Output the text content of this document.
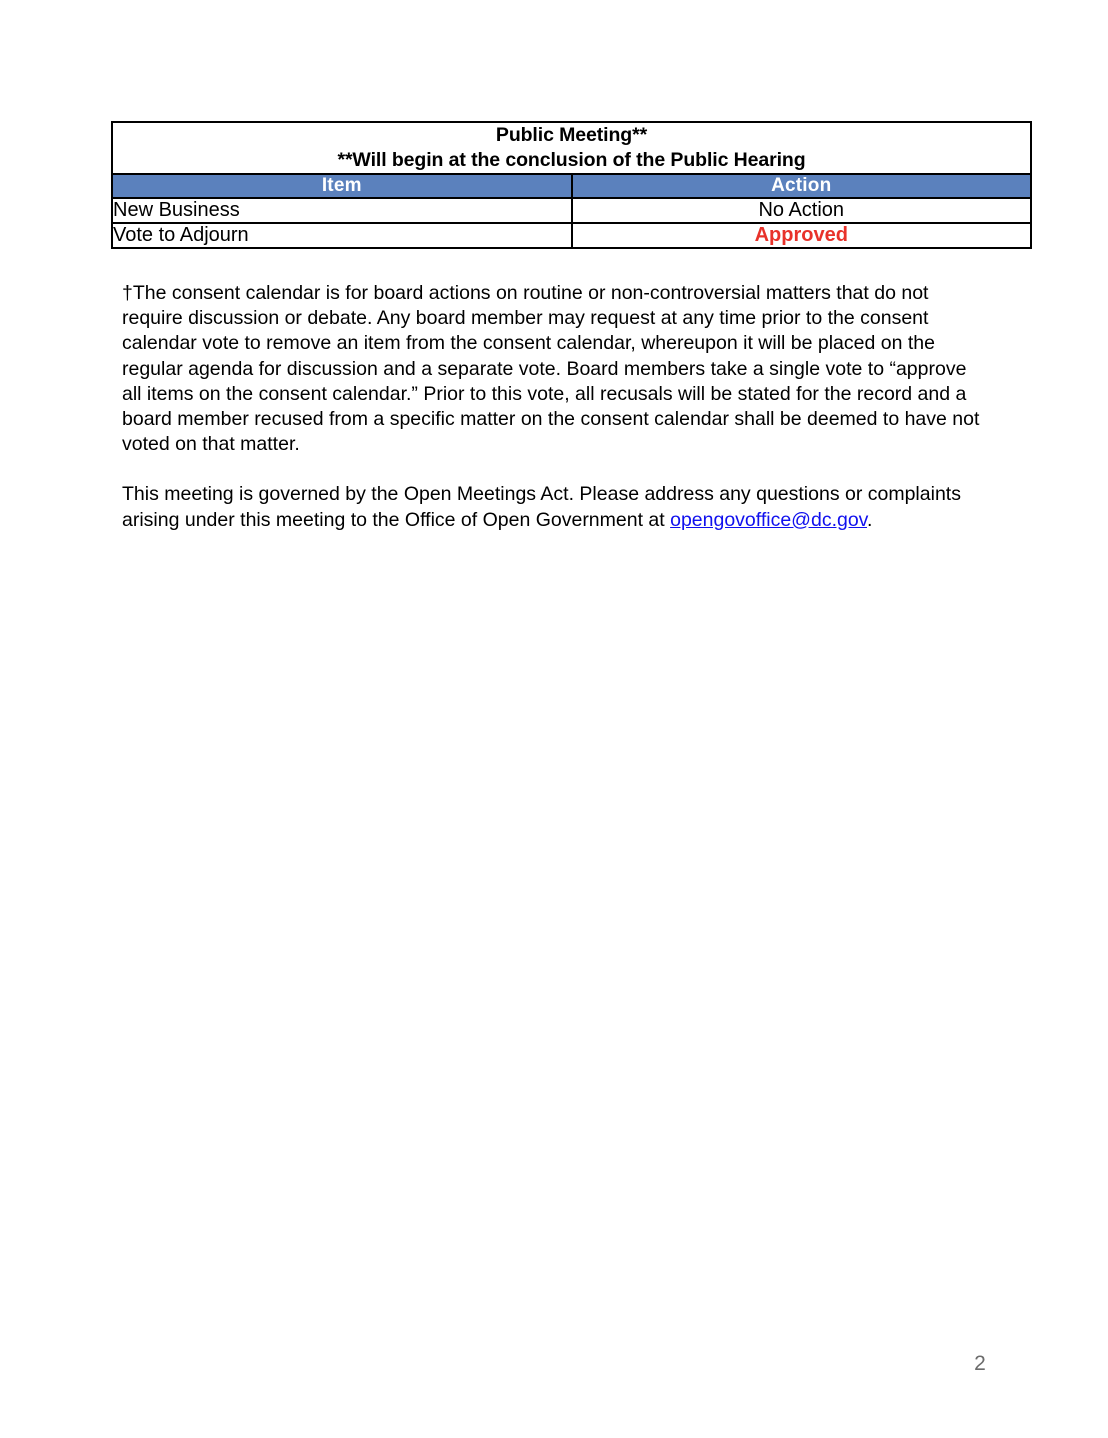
Public Meeting**
**Will begin at the conclusion of the Public Hearing	

Item	Action
New Business	No Action
Vote to Adjourn	Approved

†The consent calendar is for board actions on routine or non-controversial matters that do not require discussion or debate. Any board member may request at any time prior to the consent calendar vote to remove an item from the consent calendar, whereupon it will be placed on the regular agenda for discussion and a separate vote. Board members take a single vote to “approve all items on the consent calendar.” Prior to this vote, all recusals will be stated for the record and a board member recused from a specific matter on the consent calendar shall be deemed to have not voted on that matter.

This meeting is governed by the Open Meetings Act. Please address any questions or complaints arising under this meeting to the Office of Open Government at opengovoffice@dc.gov.

2
